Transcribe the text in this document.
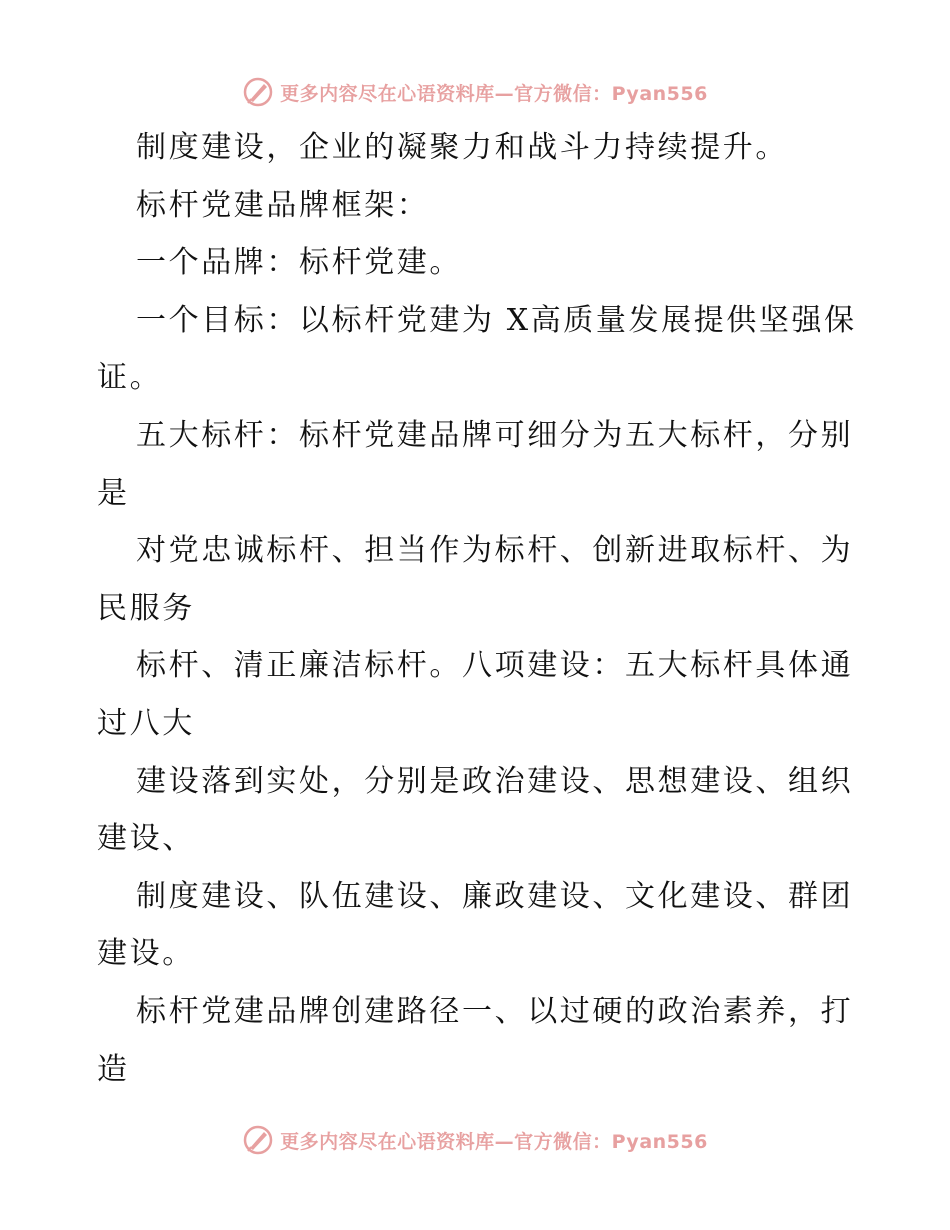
更多内容尽在心语资料库—官方微信：Pyan556

制度建设，企业的凝聚力和战斗力持续提升。

标杆党建品牌框架：

一个品牌：标杆党建。

一个目标：以标杆党建为 X高质量发展提供坚强保证。

五大标杆：标杆党建品牌可细分为五大标杆，分别是

对党忠诚标杆、担当作为标杆、创新进取标杆、为民服务

标杆、清正廉洁标杆。八项建设：五大标杆具体通过八大

建设落到实处，分别是政治建设、思想建设、组织建设、

制度建设、队伍建设、廉政建设、文化建设、群团建设。

标杆党建品牌创建路径一、以过硬的政治素养，打造

更多内容尽在心语资料库—官方微信：Pyan556
